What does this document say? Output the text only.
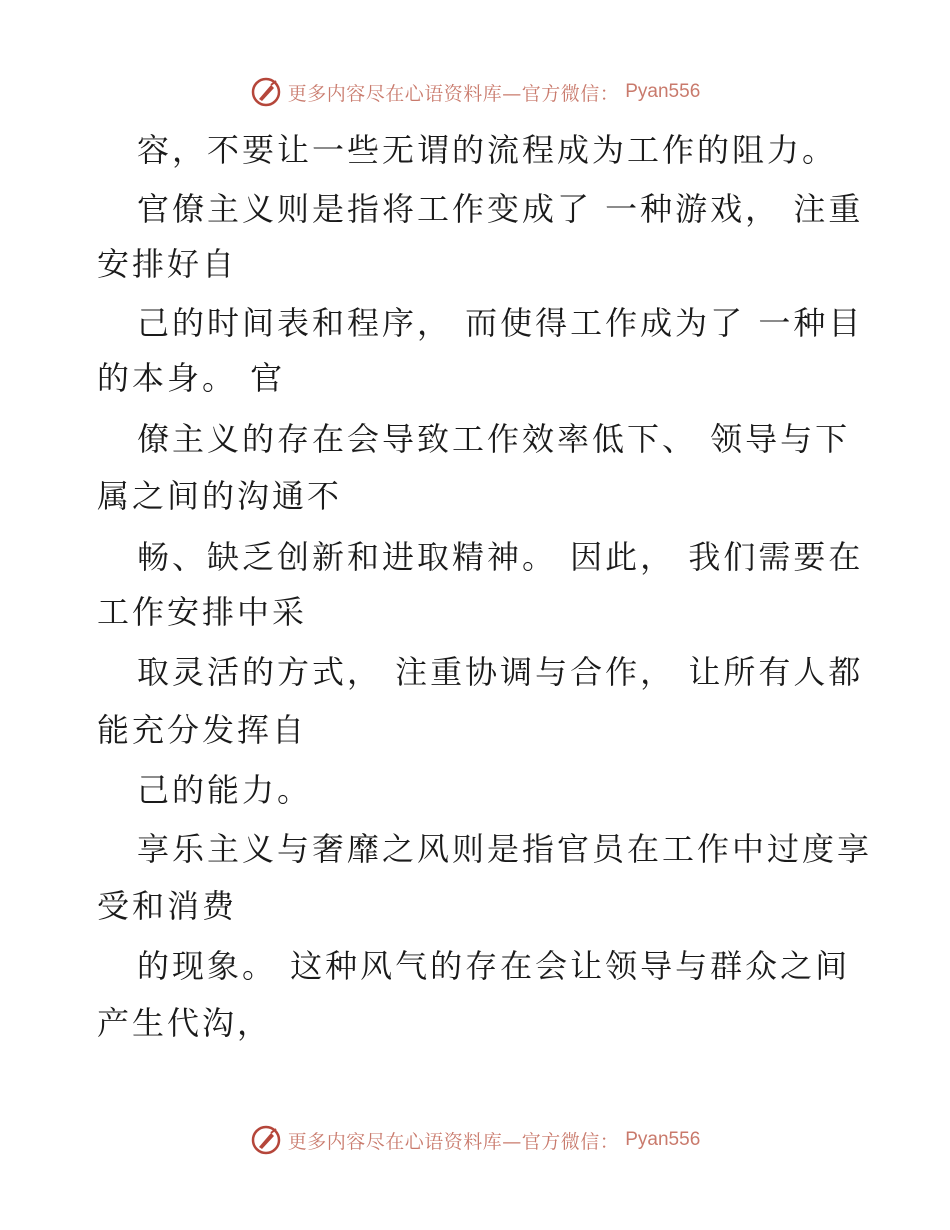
更多内容尽在心语资料库—官方微信： Pyan556
容，不要让一些无谓的流程成为工作的阻力。
官僚主义则是指将工作变成了 一种游戏， 注重
安排好自
己的时间表和程序， 而使得工作成为了 一种目
的本身。 官
僚主义的存在会导致工作效率低下、 领导与下
属之间的沟通不
畅、缺乏创新和进取精神。 因此， 我们需要在
工作安排中采
取灵活的方式， 注重协调与合作， 让所有人都
能充分发挥自
己的能力。
享乐主义与奢靡之风则是指官员在工作中过度享
受和消费
的现象。 这种风气的存在会让领导与群众之间
产生代沟，
更多内容尽在心语资料库—官方微信： Pyan556
